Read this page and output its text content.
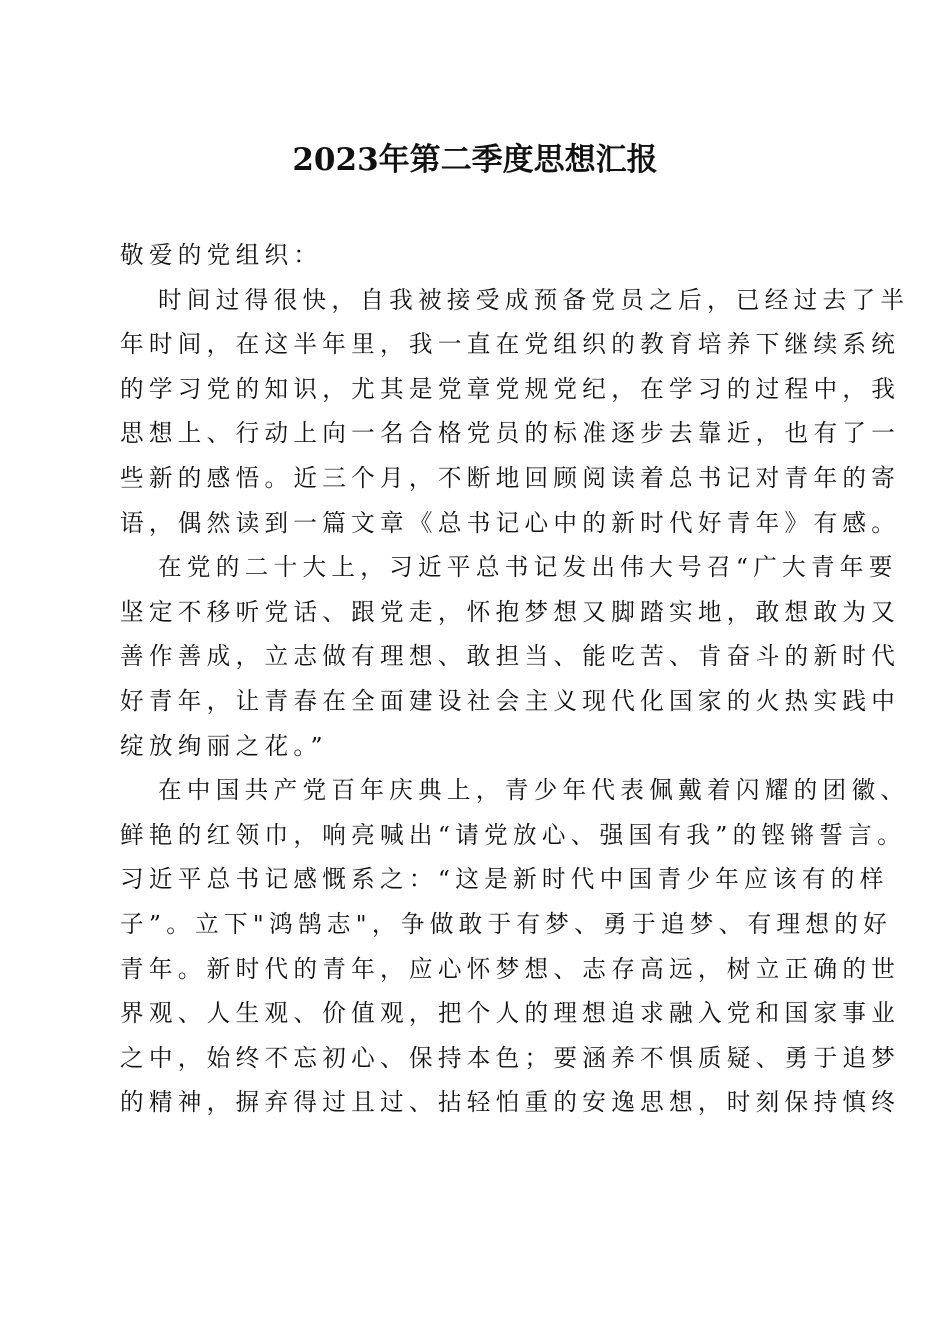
2023年第二季度思想汇报
敬爱的党组织：
时间过得很快，自我被接受成预备党员之后，已经过去了半
年时间，在这半年里，我一直在党组织的教育培养下继续系统
的学习党的知识，尤其是党章党规党纪，在学习的过程中，我
思想上、行动上向一名合格党员的标准逐步去靠近，也有了一
些新的感悟。近三个月，不断地回顾阅读着总书记对青年的寄
语，偶然读到一篇文章《总书记心中的新时代好青年》有感。
在党的二十大上，习近平总书记发出伟大号召“广大青年要
坚定不移听党话、跟党走，怀抱梦想又脚踏实地，敢想敢为又
善作善成，立志做有理想、敢担当、能吃苦、肯奋斗的新时代
好青年，让青春在全面建设社会主义现代化国家的火热实践中
绽放绚丽之花。”
在中国共产党百年庆典上，青少年代表佩戴着闪耀的团徽、
鲜艳的红领巾，响亮喊出“请党放心、强国有我”的铿锵誓言。
习近平总书记感慨系之：“这是新时代中国青少年应该有的样
子”。立下"鸿鹄志"，争做敢于有梦、勇于追梦、有理想的好
青年。新时代的青年，应心怀梦想、志存高远，树立正确的世
界观、人生观、价值观，把个人的理想追求融入党和国家事业
之中，始终不忘初心、保持本色；要涵养不惧质疑、勇于追梦
的精神，摒弃得过且过、拈轻怕重的安逸思想，时刻保持慎终
